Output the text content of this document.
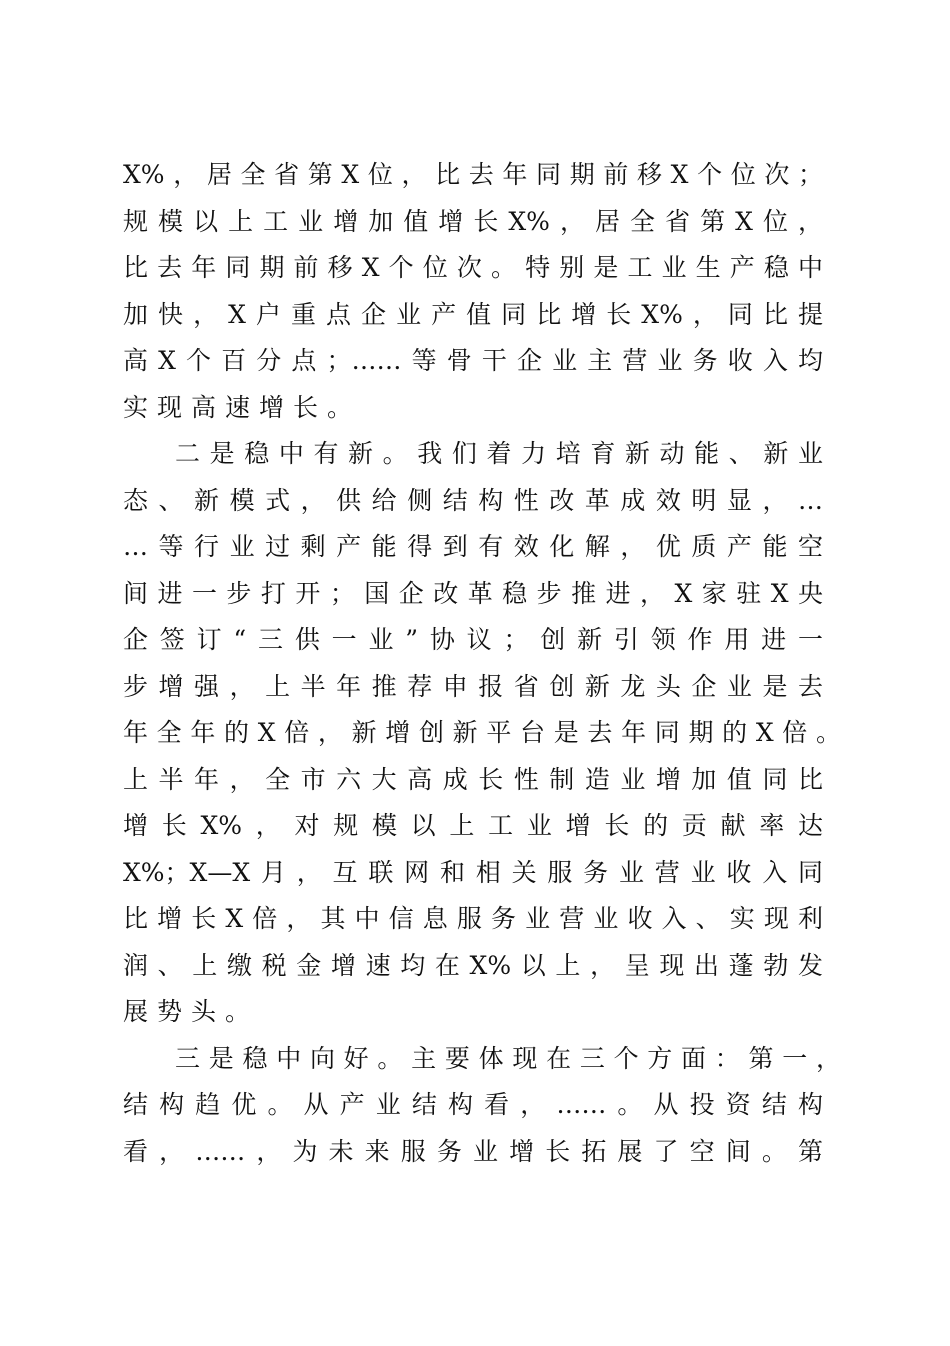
X%，居全省第X位，比去年同期前移X个位次；
规模以上工业增加值增长X%，居全省第X位，
比去年同期前移X个位次。特别是工业生产稳中
加快，X户重点企业产值同比增长X%，同比提
高X个百分点；……等骨干企业主营业务收入均
实现高速增长。
二是稳中有新。我们着力培育新动能、新业
态、新模式，供给侧结构性改革成效明显，…
…等行业过剩产能得到有效化解，优质产能空
间进一步打开；国企改革稳步推进，X家驻X央
企签订“三供一业”协议；创新引领作用进一
步增强，上半年推荐申报省创新龙头企业是去
年全年的X倍，新增创新平台是去年同期的X倍。
上半年，全市六大高成长性制造业增加值同比
增长X%，对规模以上工业增长的贡献率达
X%；X—X月，互联网和相关服务业营业收入同
比增长X倍，其中信息服务业营业收入、实现利
润、上缴税金增速均在X%以上，呈现出蓬勃发
展势头。
三是稳中向好。主要体现在三个方面：第一，
结构趋优。从产业结构看，……。从投资结构
看，……，为未来服务业增长拓展了空间。第
